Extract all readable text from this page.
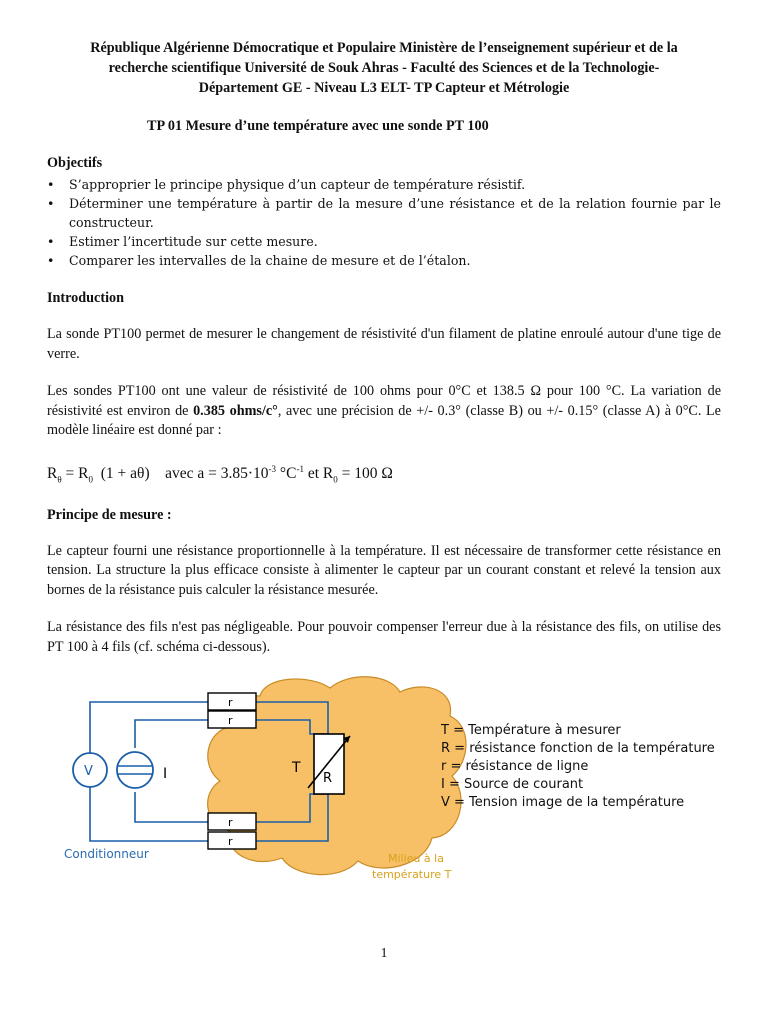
République Algérienne Démocratique et Populaire Ministère de l’enseignement supérieur et de la
recherche scientifique Université de Souk Ahras - Faculté des Sciences et de la Technologie-
Département GE - Niveau L3 ELT- TP Capteur et Métrologie

TP 01 Mesure d’une température avec une sonde PT 100

Objectifs

• S’approprier le principe physique d’un capteur de température résistif.
• Déterminer une température à partir de la mesure d’une résistance et de la relation fournie par le constructeur.
• Estimer l’incertitude sur cette mesure.
• Comparer les intervalles de la chaine de mesure et de l’étalon.

Introduction

La sonde PT100 permet de mesurer le changement de résistivité d'un filament de platine enroulé autour d'une tige de verre.

Les sondes PT100 ont une valeur de résistivité de 100 ohms pour 0°C et 138.5 Ω pour 100 °C. La variation de résistivité est environ de 0.385 ohms/c°, avec une précision de +/- 0.3° (classe B) ou +/- 0.15° (classe A) à 0°C. Le modèle linéaire est donné par :

$R_\theta = R_0$  (1 + aθ)    avec $a = 3.85\cdot 10^{-3}$ $^\circ C^{-1}$ et $R_0 = 100$ Ω

Principe de mesure :

Le capteur fourni une résistance proportionnelle à la température. Il est nécessaire de transformer cette résistance en tension. La structure la plus efficace consiste à alimenter le capteur par un courant constant et relevé la tension aux bornes de la résistance puis calculer la résistance mesurée.

La résistance des fils n'est pas négligeable. Pour pouvoir compenser l'erreur due à la résistance des fils, on utilise des PT 100 à 4 fils (cf. schéma ci-dessous).

r
r
r
r
R
T
V	I
Conditionneur	Milieu à la
température T
T = Température à mesurer
R = résistance fonction de la température
r = résistance de ligne
I = Source de courant
V = Tension image de la température
1
